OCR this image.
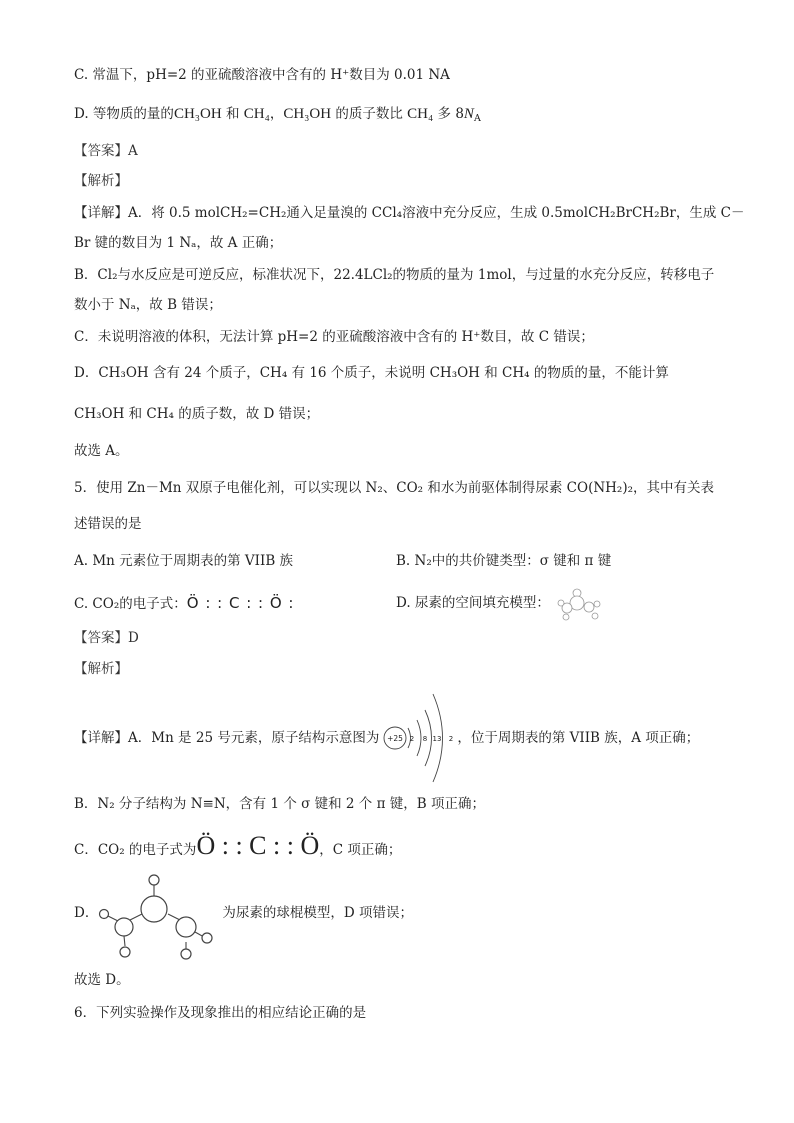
C. 常温下，pH=2 的亚硫酸溶液中含有的 H⁺数目为 0.01 NA
D. 等物质的量的CH₃OH 和 CH₄，CH₃OH 的质子数比 CH₄ 多 $8N_A$
【答案】A
【解析】
【详解】A．将 0.5 molCH₂=CH₂通入足量溴的 CCl₄溶液中充分反应，生成 0.5molCH₂BrCH₂Br，生成 C－
Br 键的数目为 1 Nₐ，故 A 正确；
B．Cl₂与水反应是可逆反应，标准状况下，22.4LCl₂的物质的量为 1mol，与过量的水充分反应，转移电子
数小于 Nₐ，故 B 错误；
C．未说明溶液的体积，无法计算 pH=2 的亚硫酸溶液中含有的 H⁺数目，故 C 错误；
D．CH₃OH 含有 24 个质子，CH₄ 有 16 个质子，未说明 CH₃OH 和 CH₄ 的物质的量，不能计算
CH₃OH 和 CH₄ 的质子数，故 D 错误；
故选 A。
5．使用 Zn－Mn 双原子电催化剂，可以实现以 N₂、CO₂ 和水为前驱体制得尿素 CO(NH₂)₂，其中有关表
述错误的是
A. Mn 元素位于周期表的第 VIIB 族	B. N₂中的共价键类型：σ 键和 π 键
C. CO₂的电子式：Ö : : C : : Ö :	D. 尿素的空间填充模型：
【答案】D
【解析】
【详解】A．Mn 是 25 号元素，原子结构示意图为	，位于周期表的第 VIIB 族，A 项正确；
+25 2 8 13 2
B．N₂ 分子结构为 N≡N，含有 1 个 σ 键和 2 个 π 键，B 项正确；
C．CO₂ 的电子式为Ö : : C : : Ö，C 项正确；
D．	为尿素的球棍模型，D 项错误；
故选 D。
6．下列实验操作及现象推出的相应结论正确的是
